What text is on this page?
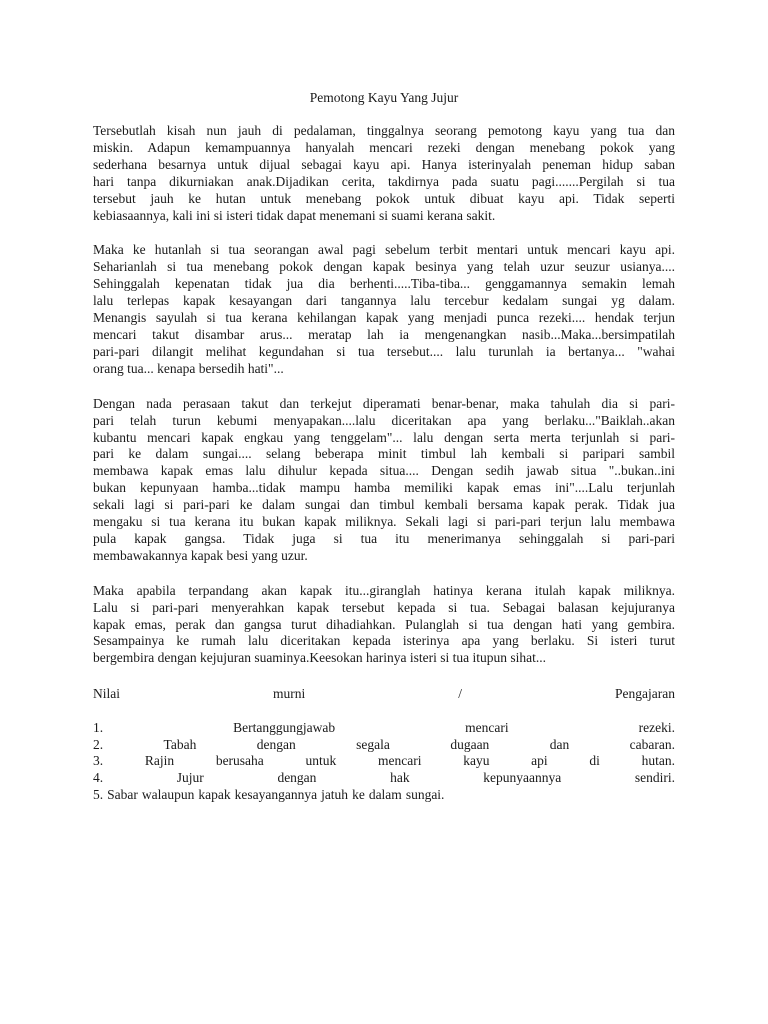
Pemotong Kayu Yang Jujur
Tersebutlah kisah nun jauh di pedalaman, tinggalnya seorang pemotong kayu yang tua dan
miskin. Adapun kemampuannya hanyalah mencari rezeki dengan menebang pokok yang
sederhana besarnya untuk dijual sebagai kayu api. Hanya isterinyalah peneman hidup saban
hari tanpa dikurniakan anak.Dijadikan cerita, takdirnya pada suatu pagi.......Pergilah si tua
tersebut jauh ke hutan untuk menebang pokok untuk dibuat kayu api. Tidak seperti
kebiasaannya, kali ini si isteri tidak dapat menemani si suami kerana sakit.
Maka ke hutanlah si tua seorangan awal pagi sebelum terbit mentari untuk mencari kayu api.
Seharianlah si tua menebang pokok dengan kapak besinya yang telah uzur seuzur usianya....
Sehinggalah kepenatan tidak jua dia berhenti.....Tiba-tiba... genggamannya semakin lemah
lalu terlepas kapak kesayangan dari tangannya lalu tercebur kedalam sungai yg dalam.
Menangis sayulah si tua kerana kehilangan kapak yang menjadi punca rezeki.... hendak terjun
mencari takut disambar arus... meratap lah ia mengenangkan nasib...Maka...bersimpatilah
pari-pari dilangit melihat kegundahan si tua tersebut.... lalu turunlah ia bertanya... "wahai
orang tua... kenapa bersedih hati"...
Dengan nada perasaan takut dan terkejut diperamati benar-benar, maka tahulah dia si pari-
pari telah turun kebumi menyapakan....lalu diceritakan apa yang berlaku..."Baiklah..akan
kubantu mencari kapak engkau yang tenggelam"... lalu dengan serta merta terjunlah si pari-
pari ke dalam sungai.... selang beberapa minit timbul lah kembali si paripari sambil
membawa kapak emas lalu dihulur kepada situa.... Dengan sedih jawab situa "..bukan..ini
bukan kepunyaan hamba...tidak mampu hamba memiliki kapak emas ini"....Lalu terjunlah
sekali lagi si pari-pari ke dalam sungai dan timbul kembali bersama kapak perak. Tidak jua
mengaku si tua kerana itu bukan kapak miliknya. Sekali lagi si pari-pari terjun lalu membawa
pula kapak gangsa. Tidak juga si tua itu menerimanya sehinggalah si pari-pari
membawakannya kapak besi yang uzur.
Maka apabila terpandang akan kapak itu...giranglah hatinya kerana itulah kapak miliknya.
Lalu si pari-pari menyerahkan kapak tersebut kepada si tua. Sebagai balasan kejujuranya
kapak emas, perak dan gangsa turut dihadiahkan. Pulanglah si tua dengan hati yang gembira.
Sesampainya ke rumah lalu diceritakan kepada isterinya apa yang berlaku. Si isteri turut
bergembira dengan kejujuran suaminya.Keesokan harinya isteri si tua itupun sihat...
Nilai	murni	/	Pengajaran
1.	Bertanggungjawab	mencari	rezeki.
2.	Tabah	dengan	segala	dugaan	dan	cabaran.
3.	Rajin	berusaha	untuk	mencari	kayu	api	di	hutan.
4.	Jujur	dengan	hak	kepunyaannya	sendiri.
5. Sabar walaupun kapak kesayangannya jatuh ke dalam sungai.
